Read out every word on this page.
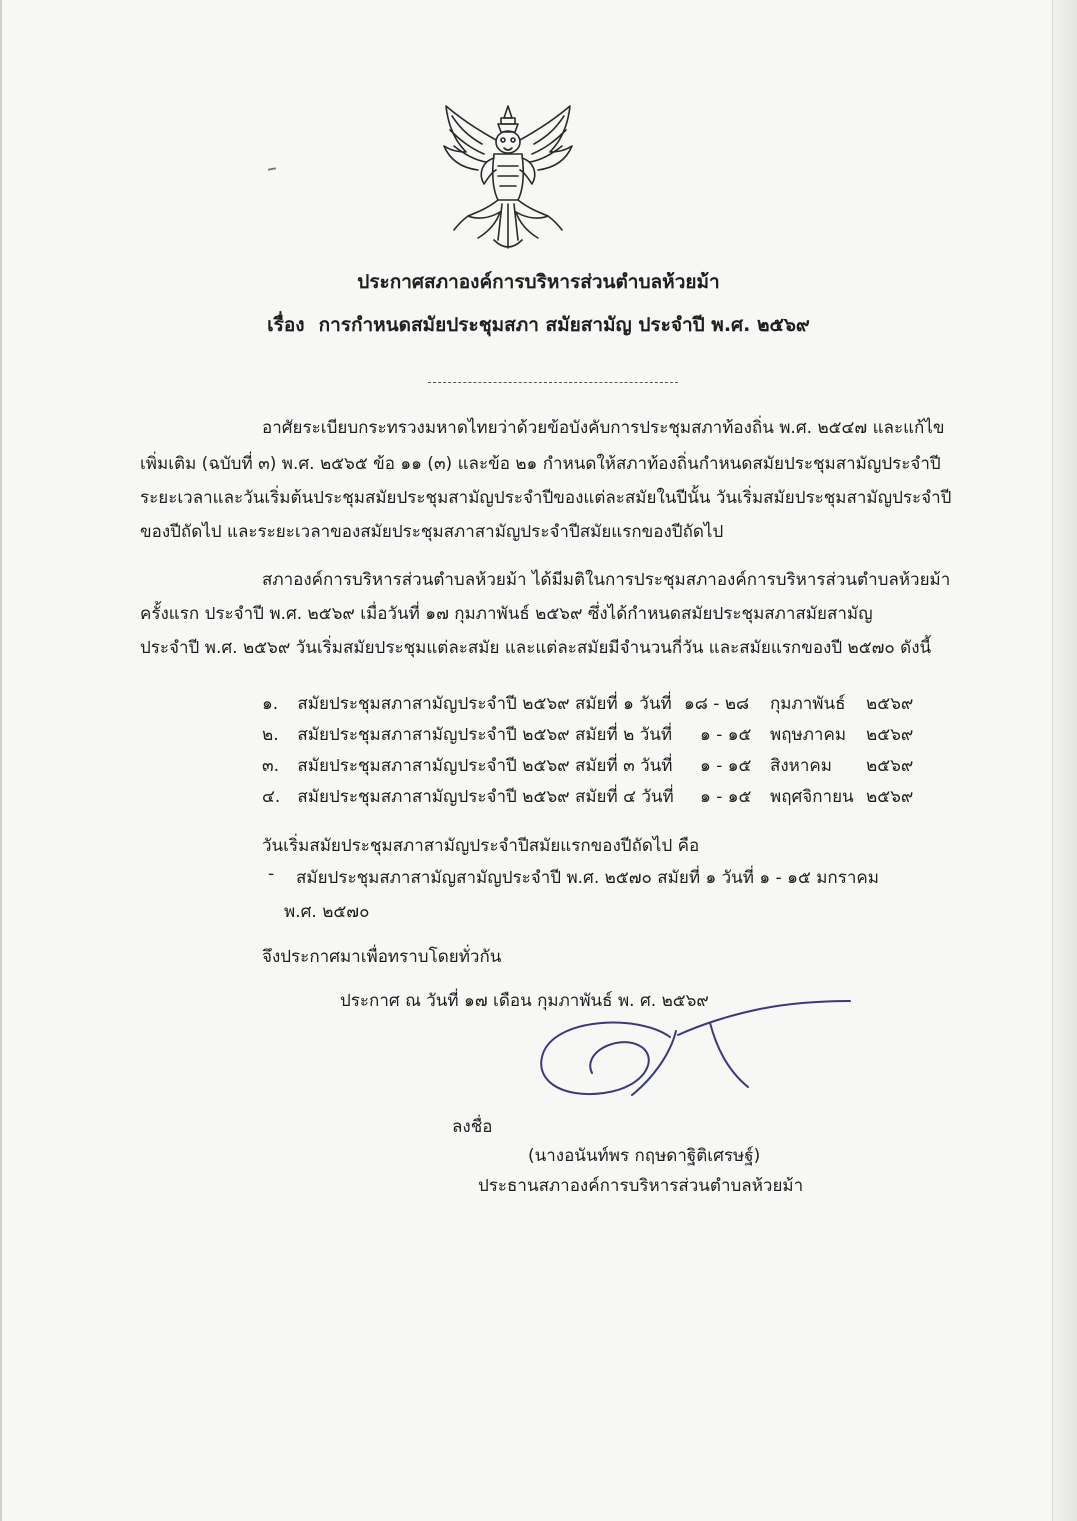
ประกาศสภาองค์การบริหารส่วนตำบลห้วยม้า
เรื่อง การกำหนดสมัยประชุมสภา สมัยสามัญ ประจำปี พ.ศ. ๒๕๖๙
อาศัยระเบียบกระทรวงมหาดไทยว่าด้วยข้อบังคับการประชุมสภาท้องถิ่น พ.ศ. ๒๕๔๗ และแก้ไข
เพิ่มเติม (ฉบับที่ ๓) พ.ศ. ๒๕๖๕ ข้อ ๑๑ (๓) และข้อ ๒๑ กำหนดให้สภาท้องถิ่นกำหนดสมัยประชุมสามัญประจำปี
ระยะเวลาและวันเริ่มต้นประชุมสมัยประชุมสามัญประจำปีของแต่ละสมัยในปีนั้น วันเริ่มสมัยประชุมสามัญประจำปี
ของปีถัดไป และระยะเวลาของสมัยประชุมสภาสามัญประจำปีสมัยแรกของปีถัดไป
สภาองค์การบริหารส่วนตำบลห้วยม้า ได้มีมติในการประชุมสภาองค์การบริหารส่วนตำบลห้วยม้า
ครั้งแรก ประจำปี พ.ศ. ๒๕๖๙ เมื่อวันที่ ๑๗ กุมภาพันธ์ ๒๕๖๙ ซึ่งได้กำหนดสมัยประชุมสภาสมัยสามัญ
ประจำปี พ.ศ. ๒๕๖๙ วันเริ่มสมัยประชุมแต่ละสมัย และแต่ละสมัยมีจำนวนกี่วัน และสมัยแรกของปี ๒๕๗๐ ดังนี้
๑. สมัยประชุมสภาสามัญประจำปี ๒๕๖๙ สมัยที่ ๑ วันที่ ๑๘ - ๒๘ กุมภาพันธ์ ๒๕๖๙
๒. สมัยประชุมสภาสามัญประจำปี ๒๕๖๙ สมัยที่ ๒ วันที่ ๑ - ๑๕ พฤษภาคม ๒๕๖๙
๓. สมัยประชุมสภาสามัญประจำปี ๒๕๖๙ สมัยที่ ๓ วันที่ ๑ - ๑๕ สิงหาคม ๒๕๖๙
๔. สมัยประชุมสภาสามัญประจำปี ๒๕๖๙ สมัยที่ ๔ วันที่ ๑ - ๑๕ พฤศจิกายน ๒๕๖๙
วันเริ่มสมัยประชุมสภาสามัญประจำปีสมัยแรกของปีถัดไป คือ
- สมัยประชุมสภาสามัญสามัญประจำปี พ.ศ. ๒๕๗๐ สมัยที่ ๑ วันที่ ๑ - ๑๕ มกราคม
พ.ศ. ๒๕๗๐
จึงประกาศมาเพื่อทราบโดยทั่วกัน
ประกาศ ณ วันที่ ๑๗ เดือน กุมภาพันธ์ พ. ศ. ๒๕๖๙
ลงชื่อ
(นางอนันท์พร กฤษดาฐิติเศรษฐ์)
ประธานสภาองค์การบริหารส่วนตำบลห้วยม้า
